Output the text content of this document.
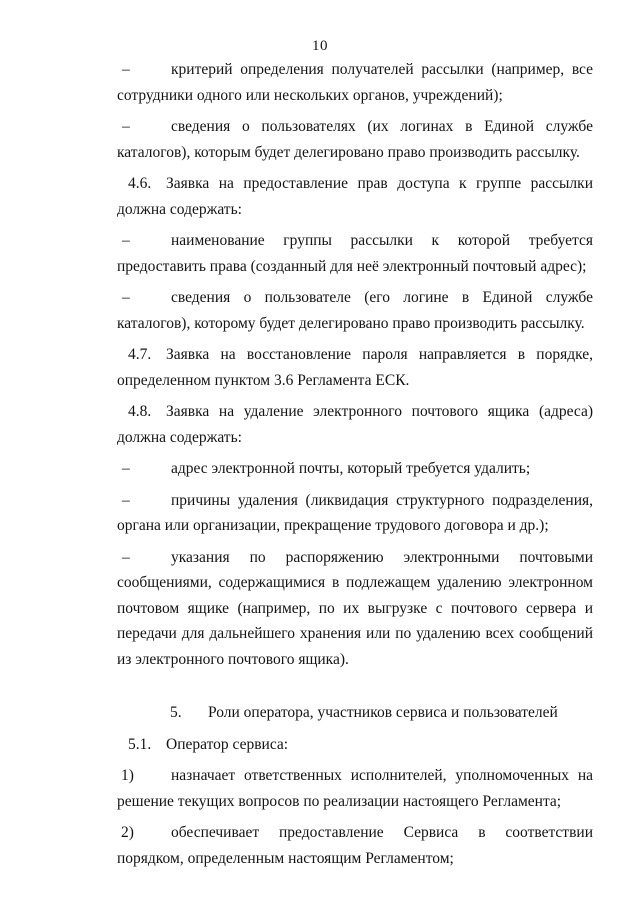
10

–	критерий определения получателей рассылки (например, все сотрудники одного или нескольких органов, учреждений);

–	сведения о пользователях (их логинах в Единой службе каталогов), которым будет делегировано право производить рассылку.

4.6. Заявка на предоставление прав доступа к группе рассылки должна содержать:

–	наименование группы рассылки к которой требуется предоставить права (созданный для неё электронный почтовый адрес);

–	сведения о пользователе (его логине в Единой службе каталогов), которому будет делегировано право производить рассылку.

4.7. Заявка на восстановление пароля направляется в порядке, определенном пунктом 3.6 Регламента ЕСК.

4.8. Заявка на удаление электронного почтового ящика (адреса) должна содержать:

–	адрес электронной почты, который требуется удалить;

–	причины удаления (ликвидация структурного подразделения, органа или организации, прекращение трудового договора и др.);

–	указания по распоряжению электронными почтовыми сообщениями, содержащимися в подлежащем удалению электронном почтовом ящике (например, по их выгрузке с почтового сервера и передачи для дальнейшего хранения или по удалению всех сообщений из электронного почтового ящика).

5. Роли оператора, участников сервиса и пользователей

5.1. Оператор сервиса:

1) назначает ответственных исполнителей, уполномоченных на решение текущих вопросов по реализации настоящего Регламента;

2) обеспечивает предоставление Сервиса в соответствии порядком, определенным настоящим Регламентом;
